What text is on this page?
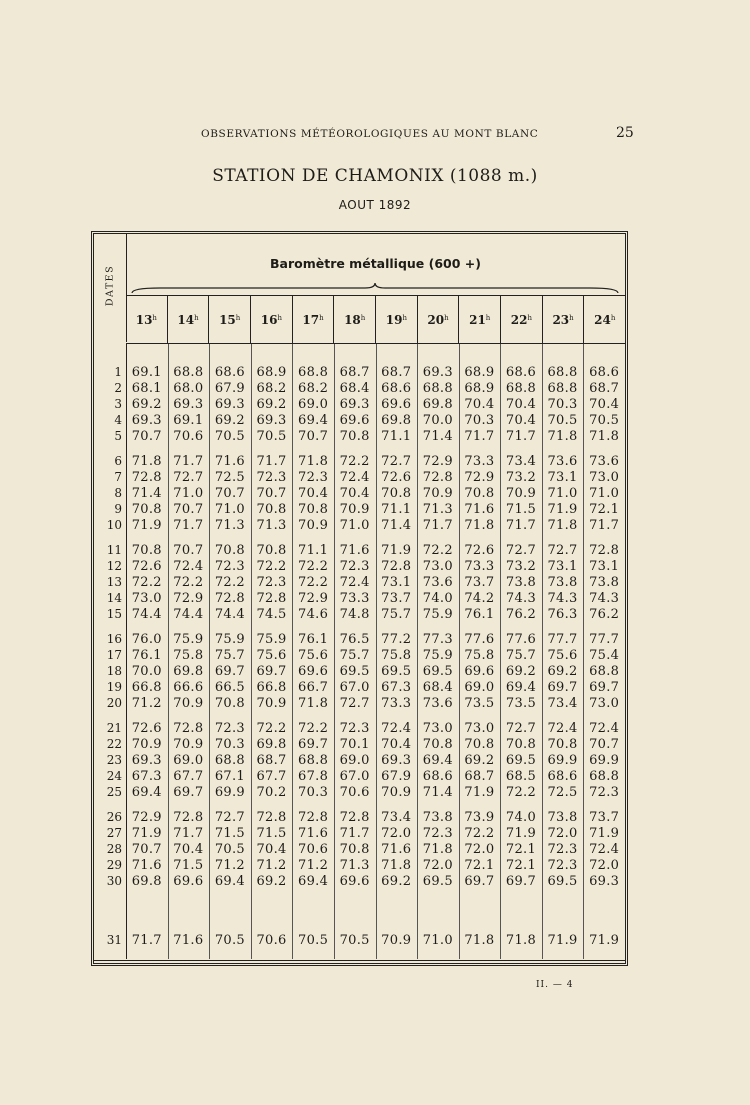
OBSERVATIONS MÉTÉOROLOGIQUES AU MONT BLANC	25
STATION DE CHAMONIX (1088 m.)
AOUT 1892
DATES
Baromètre métallique (600 +)
13$^h$ 14$^h$ 15$^h$ 16$^h$ 17$^h$ 18$^h$ 19$^h$ 20$^h$ 21$^h$ 22$^h$ 23$^h$ 24$^h$
1 69.1 68.8 68.6 68.9 68.8 68.7 68.7 69.3 68.9 68.6 68.8 68.6
2 68.1 68.0 67.9 68.2 68.2 68.4 68.6 68.8 68.9 68.8 68.8 68.7
3 69.2 69.3 69.3 69.2 69.0 69.3 69.6 69.8 70.4 70.4 70.3 70.4
4 69.3 69.1 69.2 69.3 69.4 69.6 69.8 70.0 70.3 70.4 70.5 70.5
5 70.7 70.6 70.5 70.5 70.7 70.8 71.1 71.4 71.7 71.7 71.8 71.8
6 71.8 71.7 71.6 71.7 71.8 72.2 72.7 72.9 73.3 73.4 73.6 73.6
7 72.8 72.7 72.5 72.3 72.3 72.4 72.6 72.8 72.9 73.2 73.1 73.0
8 71.4 71.0 70.7 70.7 70.4 70.4 70.8 70.9 70.8 70.9 71.0 71.0
9 70.8 70.7 71.0 70.8 70.8 70.9 71.1 71.3 71.6 71.5 71.9 72.1
10 71.9 71.7 71.3 71.3 70.9 71.0 71.4 71.7 71.8 71.7 71.8 71.7
11 70.8 70.7 70.8 70.8 71.1 71.6 71.9 72.2 72.6 72.7 72.7 72.8
12 72.6 72.4 72.3 72.2 72.2 72.3 72.8 73.0 73.3 73.2 73.1 73.1
13 72.2 72.2 72.2 72.3 72.2 72.4 73.1 73.6 73.7 73.8 73.8 73.8
14 73.0 72.9 72.8 72.8 72.9 73.3 73.7 74.0 74.2 74.3 74.3 74.3
15 74.4 74.4 74.4 74.5 74.6 74.8 75.7 75.9 76.1 76.2 76.3 76.2
16 76.0 75.9 75.9 75.9 76.1 76.5 77.2 77.3 77.6 77.6 77.7 77.7
17 76.1 75.8 75.7 75.6 75.6 75.7 75.8 75.9 75.8 75.7 75.6 75.4
18 70.0 69.8 69.7 69.7 69.6 69.5 69.5 69.5 69.6 69.2 69.2 68.8
19 66.8 66.6 66.5 66.8 66.7 67.0 67.3 68.4 69.0 69.4 69.7 69.7
20 71.2 70.9 70.8 70.9 71.8 72.7 73.3 73.6 73.5 73.5 73.4 73.0
21 72.6 72.8 72.3 72.2 72.2 72.3 72.4 73.0 73.0 72.7 72.4 72.4
22 70.9 70.9 70.3 69.8 69.7 70.1 70.4 70.8 70.8 70.8 70.8 70.7
23 69.3 69.0 68.8 68.7 68.8 69.0 69.3 69.4 69.2 69.5 69.9 69.9
24 67.3 67.7 67.1 67.7 67.8 67.0 67.9 68.6 68.7 68.5 68.6 68.8
25 69.4 69.7 69.9 70.2 70.3 70.6 70.9 71.4 71.9 72.2 72.5 72.3
26 72.9 72.8 72.7 72.8 72.8 72.8 73.4 73.8 73.9 74.0 73.8 73.7
27 71.9 71.7 71.5 71.5 71.6 71.7 72.0 72.3 72.2 71.9 72.0 71.9
28 70.7 70.4 70.5 70.4 70.6 70.8 71.6 71.8 72.0 72.1 72.3 72.4
29 71.6 71.5 71.2 71.2 71.2 71.3 71.8 72.0 72.1 72.1 72.3 72.0
30 69.8 69.6 69.4 69.2 69.4 69.6 69.2 69.5 69.7 69.7 69.5 69.3
31 71.7 71.6 70.5 70.6 70.5 70.5 70.9 71.0 71.8 71.8 71.9 71.9
II. — 4
